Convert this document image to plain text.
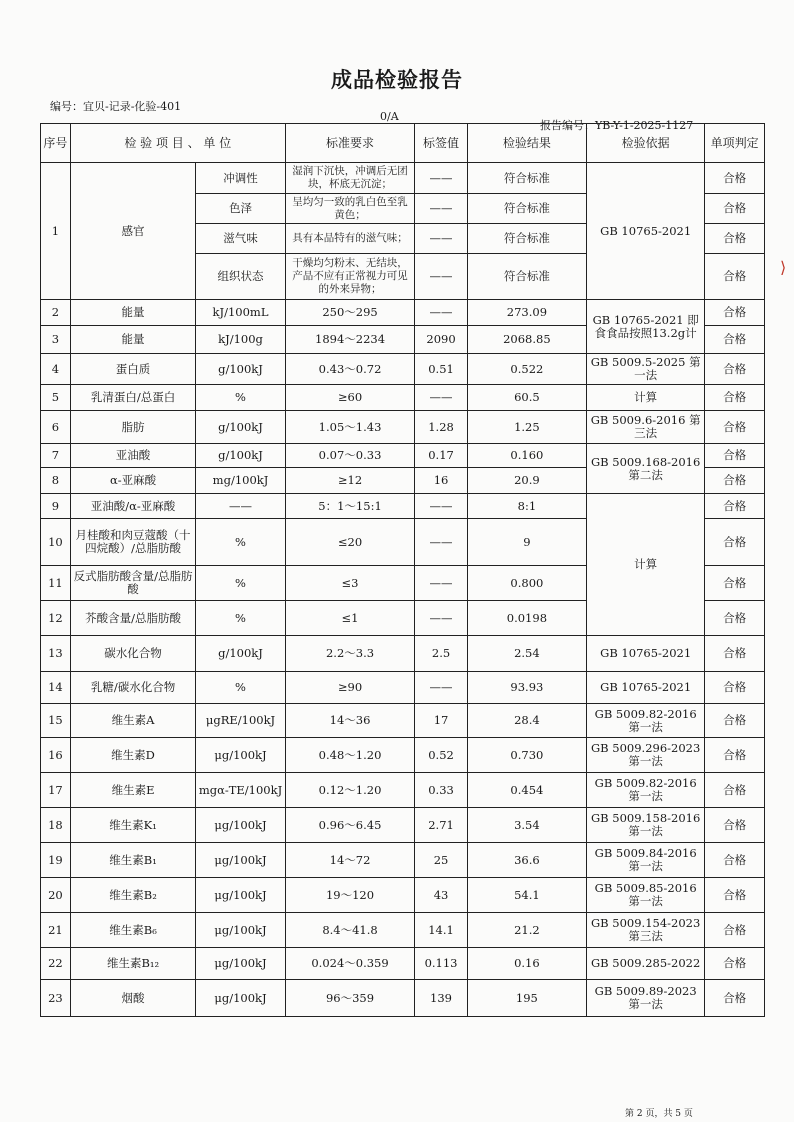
成品检验报告
编号：宜贝-记录-化验-401
0/A
报告编号：YB-Y-1-2025-1127
序号	检 验 项 目 、 单 位		标准要求	标签值	检验结果	检验依据	单项判定
1	感官	冲调性	湿润下沉快，冲调后无团块，杯底无沉淀；	——	符合标准	GB 10765-2021	合格
		色泽	呈均匀一致的乳白色至乳黄色；	——	符合标准		合格
		滋气味	具有本品特有的滋气味；	——	符合标准		合格
		组织状态	干燥均匀粉末、无结块，产品不应有正常视力可见的外来异物；	——	符合标准		合格
2	能量	kJ/100mL	250～295	——	273.09	GB 10765-2021 即食食品按照13.2g计	合格
3	能量	kJ/100g	1894～2234	2090	2068.85		合格
4	蛋白质	g/100kJ	0.43～0.72	0.51	0.522	GB 5009.5-2025 第一法	合格
5	乳清蛋白/总蛋白	%	≥60	——	60.5	计算	合格
6	脂肪	g/100kJ	1.05～1.43	1.28	1.25	GB 5009.6-2016 第三法	合格
7	亚油酸	g/100kJ	0.07～0.33	0.17	0.160	GB 5009.168-2016 第二法	合格
8	α-亚麻酸	mg/100kJ	≥12	16	20.9		合格
9	亚油酸/α-亚麻酸	——	5：1～15:1	——	8:1	计算	合格
10	月桂酸和肉豆蔻酸（十四烷酸）/总脂肪酸	%	≤20	——	9		合格
11	反式脂肪酸含量/总脂肪酸	%	≤3	——	0.800		合格
12	芥酸含量/总脂肪酸	%	≤1	——	0.0198		合格
13	碳水化合物	g/100kJ	2.2～3.3	2.5	2.54	GB 10765-2021	合格
14	乳糖/碳水化合物	%	≥90	——	93.93	GB 10765-2021	合格
15	维生素A	μgRE/100kJ	14～36	17	28.4	GB 5009.82-2016 第一法	合格
16	维生素D	μg/100kJ	0.48～1.20	0.52	0.730	GB 5009.296-2023 第一法	合格
17	维生素E	mgα-TE/100kJ	0.12～1.20	0.33	0.454	GB 5009.82-2016 第一法	合格
18	维生素K₁	μg/100kJ	0.96～6.45	2.71	3.54	GB 5009.158-2016 第一法	合格
19	维生素B₁	μg/100kJ	14～72	25	36.6	GB 5009.84-2016 第一法	合格
20	维生素B₂	μg/100kJ	19～120	43	54.1	GB 5009.85-2016 第一法	合格
21	维生素B₆	μg/100kJ	8.4～41.8	14.1	21.2	GB 5009.154-2023 第三法	合格
22	维生素B₁₂	μg/100kJ	0.024～0.359	0.113	0.16	GB 5009.285-2022	合格
23	烟酸	μg/100kJ	96～359	139	195	GB 5009.89-2023 第一法	合格
第 2 页，共 5 页
⟩
